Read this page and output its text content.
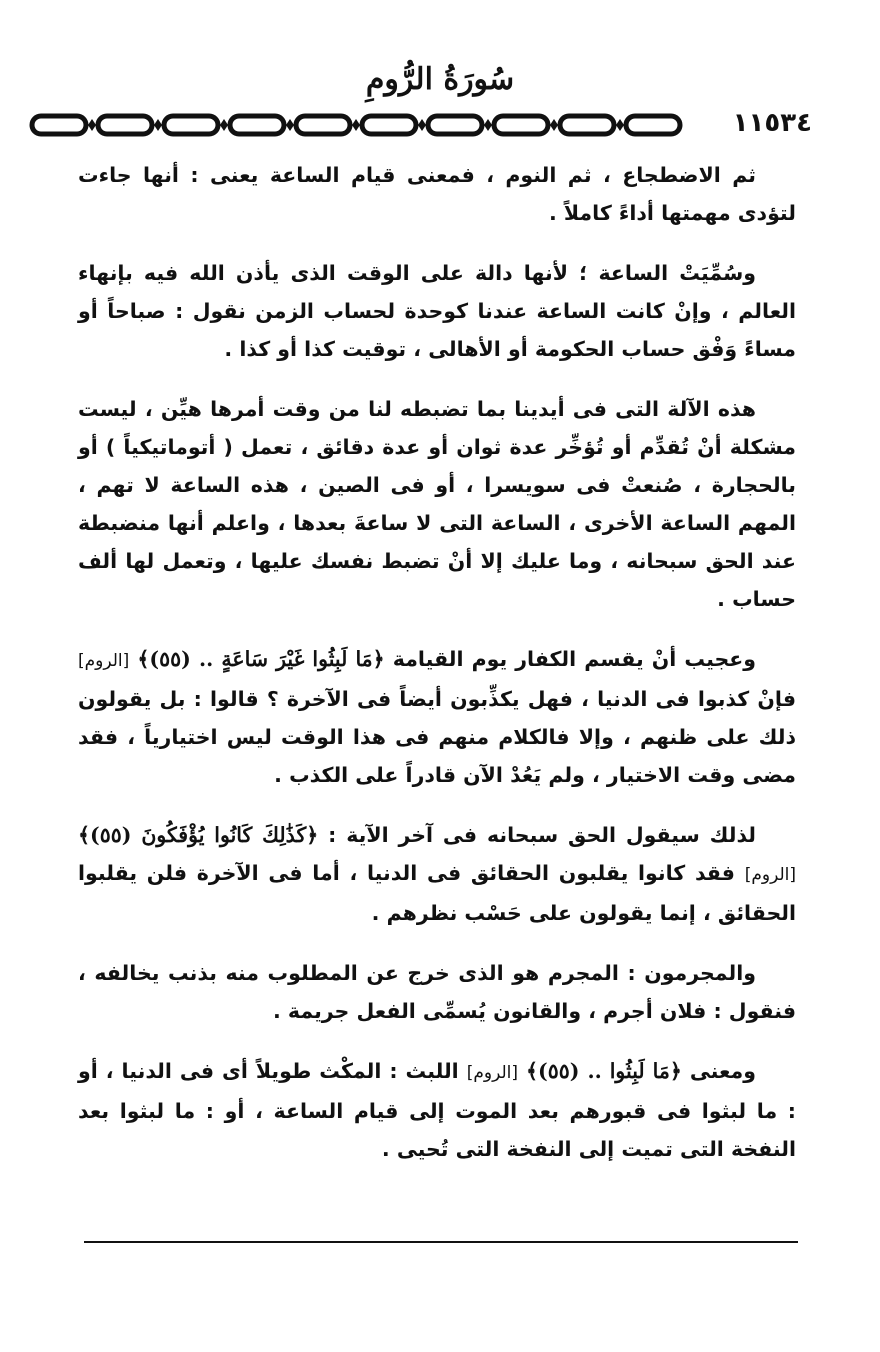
سُورَةُ الرُّومِ
١١٥٣٤

ثم الاضطجاع ، ثم النوم ، فمعنى قيام الساعة يعنى : أنها جاءت لتؤدى مهمتها أداءً كاملاً .

وسُمِّيَتْ الساعة ؛ لأنها دالة على الوقت الذى يأذن الله فيه بإنهاء العالم ، وإنْ كانت الساعة عندنا كوحدة لحساب الزمن نقول : صباحاً أو مساءً وَفْق حساب الحكومة أو الأهالى ، توقيت كذا أو كذا .

هذه الآلة التى فى أيدينا بما تضبطه لنا من وقت أمرها هيِّن ، ليست مشكلة أنْ تُقدِّم أو تُؤخِّر عدة ثوان أو عدة دقائق ، تعمل ( أتوماتيكياً ) أو بالحجارة ، صُنعتْ فى سويسرا ، أو فى الصين ، هذه الساعة لا تهم ، المهم الساعة الأخرى ، الساعة التى لا ساعةَ بعدها ، واعلم أنها منضبطة عند الحق سبحانه ، وما عليك إلا أنْ تضبط نفسك عليها ، وتعمل لها ألف حساب .

وعجيب أنْ يقسم الكفار يوم القيامة ﴿مَا لَبِثُوا غَيْرَ سَاعَةٍ .. (٥٥)﴾ [الروم] فإنْ كذبوا فى الدنيا ، فهل يكذِّبون أيضاً فى الآخرة ؟ قالوا : بل يقولون ذلك على ظنهم ، وإلا فالكلام منهم فى هذا الوقت ليس اختيارياً ، فقد مضى وقت الاختيار ، ولم يَعُدْ الآن قادراً على الكذب .

لذلك سيقول الحق سبحانه فى آخر الآية : ﴿كَذَٰلِكَ كَانُوا يُؤْفَكُونَ (٥٥)﴾ [الروم] فقد كانوا يقلبون الحقائق فى الدنيا ، أما فى الآخرة فلن يقلبوا الحقائق ، إنما يقولون على حَسْب نظرهم .

والمجرمون : المجرم هو الذى خرج عن المطلوب منه بذنب يخالفه ، فنقول : فلان أجرم ، والقانون يُسمِّى الفعل جريمة .

ومعنى ﴿مَا لَبِثُوا .. (٥٥)﴾ [الروم] اللبث : المكْث طويلاً أى فى الدنيا ، أو : ما لبثوا فى قبورهم بعد الموت إلى قيام الساعة ، أو : ما لبثوا بعد النفخة التى تميت إلى النفخة التى تُحيى .
